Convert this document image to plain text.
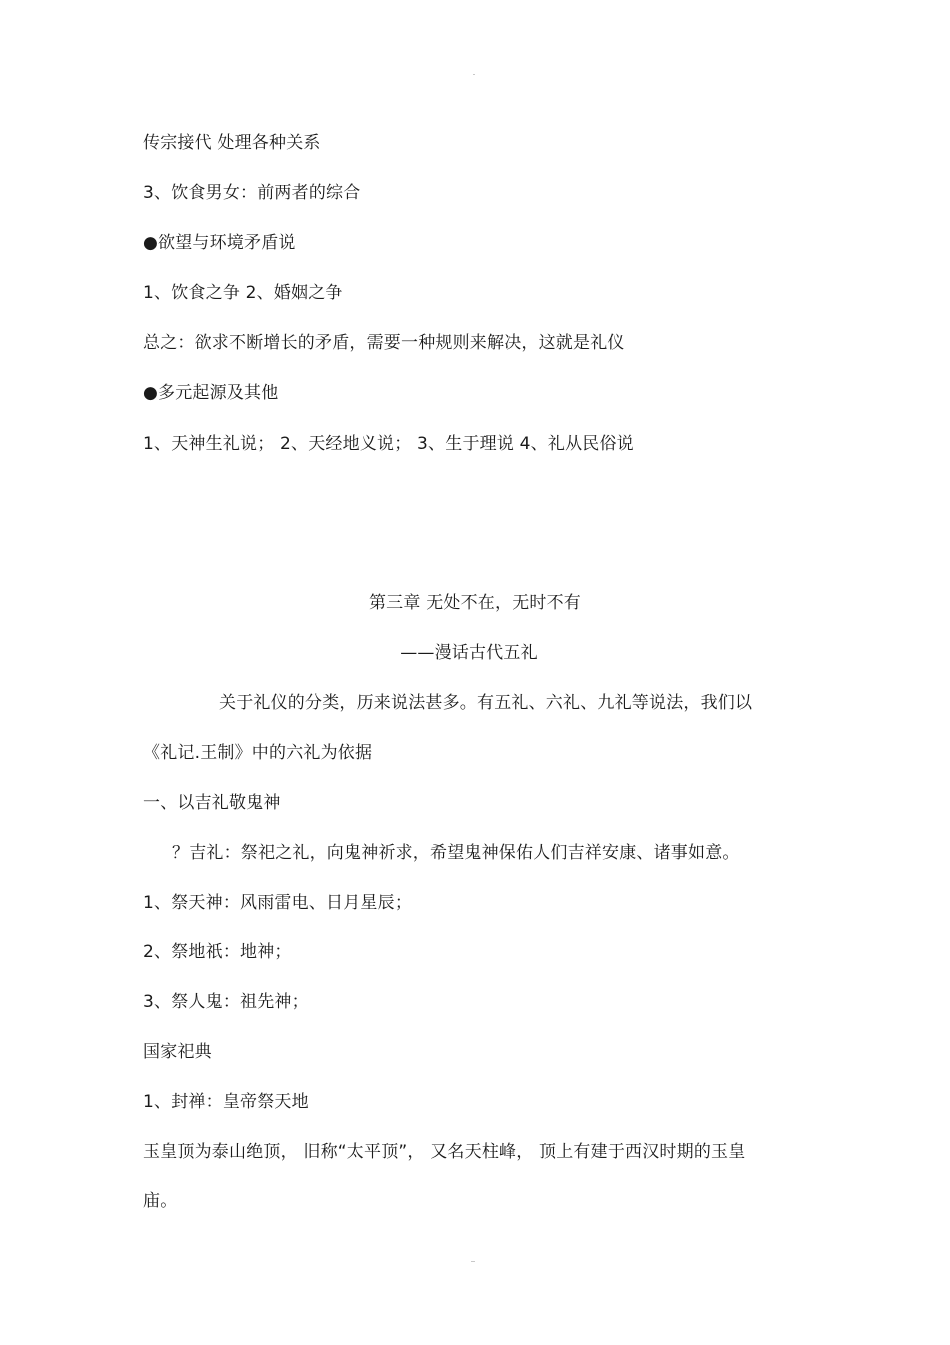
传宗接代 处理各种关系
3、饮食男女：前两者的综合
●欲望与环境矛盾说
1、饮食之争 2、婚姻之争
总之：欲求不断增长的矛盾，需要一种规则来解决，这就是礼仪
●多元起源及其他
1、天神生礼说； 2、天经地义说； 3、生于理说 4、礼从民俗说
第三章 无处不在，无时不有
——漫话古代五礼
关于礼仪的分类，历来说法甚多。有五礼、六礼、九礼等说法，我们以
《礼记.王制》中的六礼为依据
一、以吉礼敬鬼神
？吉礼：祭祀之礼，向鬼神祈求，希望鬼神保佑人们吉祥安康、诸事如意。
1、祭天神：风雨雷电、日月星辰；
2、祭地祇：地神；
3、祭人鬼：祖先神；
国家祀典
1、封禅：皇帝祭天地
玉皇顶为泰山绝顶， 旧称“太平顶”， 又名天柱峰， 顶上有建于西汉时期的玉皇
庙。
